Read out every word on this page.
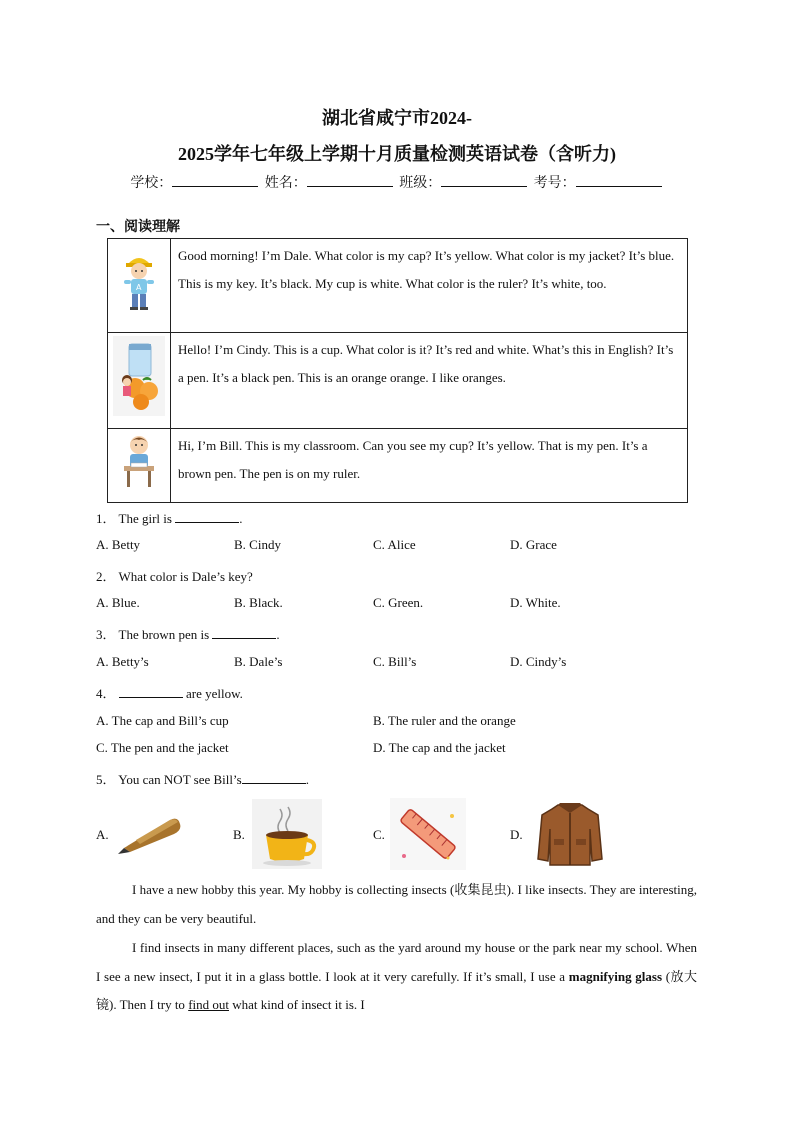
湖北省咸宁市2024-
2025学年七年级上学期十月质量检测英语试卷（含听力)
学校：	姓名：	班级：	考号：
一、阅读理解
A	Good morning! I’m Dale. What color is my cap? It’s yellow. What color is my jacket? It’s blue. This is my key. It’s black. My cup is white. What color is the ruler? It’s white, too.
	Hello! I’m Cindy. This is a cup. What color is it? It’s red and white. What’s this in English? It’s a pen. It’s a black pen. This is an orange orange. I like oranges.
	Hi, I’m Bill. This is my classroom. Can you see my cup? It’s yellow. That is my pen. It’s a brown pen. The pen is on my ruler.
1． The girl is	.
A. Betty	B. Cindy	C. Alice	D. Grace
2． What color is Dale’s key?
A. Blue.	B. Black.	C. Green.	D. White.
3． The brown pen is	.
A. Betty’s	B. Dale’s	C. Bill’s	D. Cindy’s
4．	are yellow.
A. The cap and Bill’s cup	B. The ruler and the orange
C. The pen and the jacket	D. The cap and the jacket
5． You can NOT see Bill’s	.
A.	B.	C.	D.
I have a new hobby this year. My hobby is collecting insects (收集昆虫). I like insects. They are interesting, and they can be very beautiful.
I find insects in many different places, such as the yard around my house or the park near my school. When I see a new insect, I put it in a glass bottle. I look at it very carefully. If it’s small, I use a magnifying glass (放大镜). Then I try to find out what kind of insect it is. I
